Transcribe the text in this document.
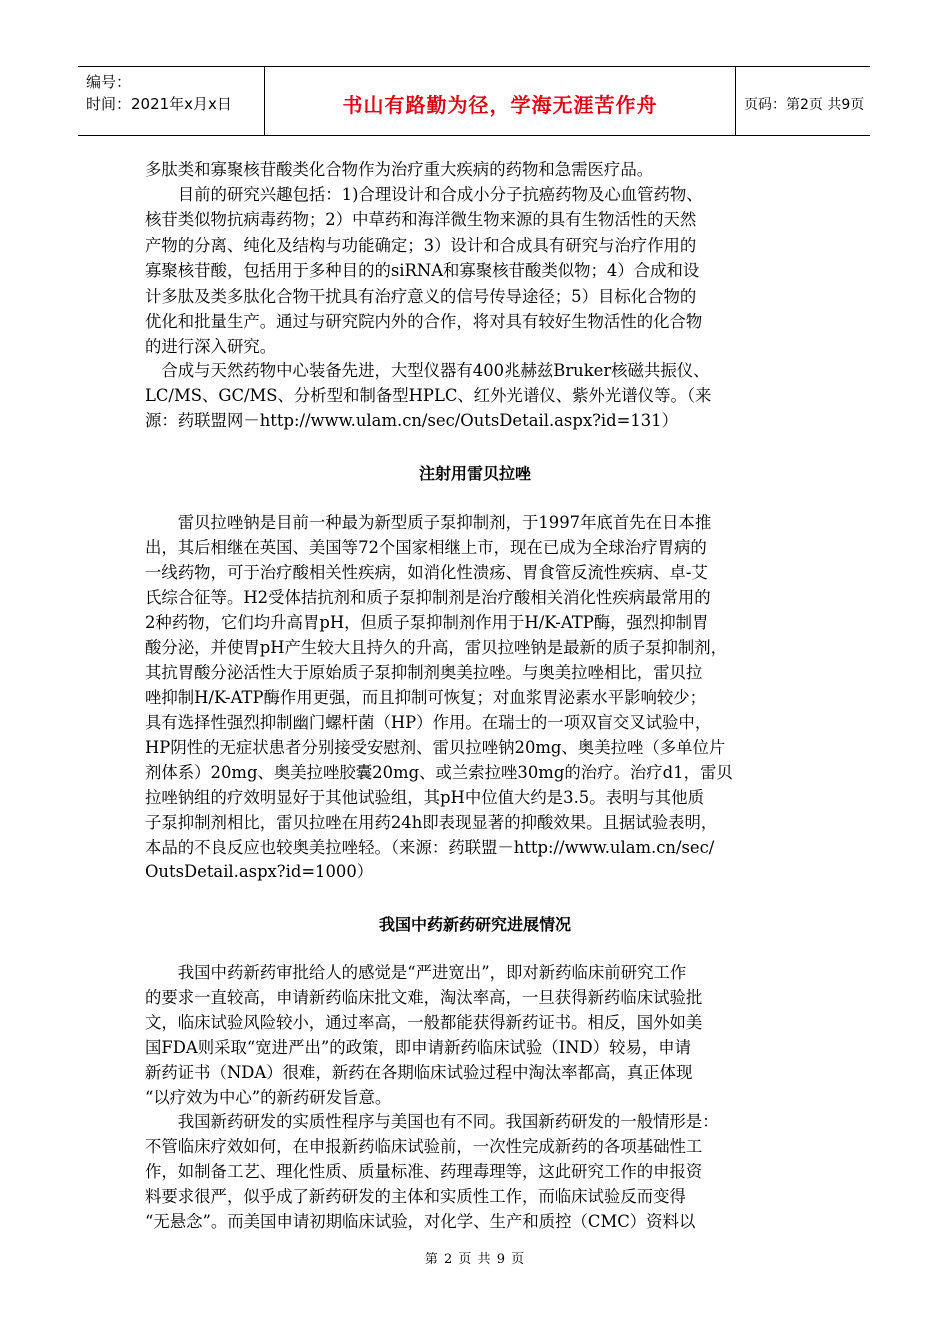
编号：
时间：2021年x月x日	书山有路勤为径，学海无涯苦作舟	页码：第2页 共9页
多肽类和寡聚核苷酸类化合物作为治疗重大疾病的药物和急需医疗品。
　　目前的研究兴趣包括：1)合理设计和合成小分子抗癌药物及心血管药物、
核苷类似物抗病毒药物；2）中草药和海洋微生物来源的具有生物活性的天然
产物的分离、纯化及结构与功能确定；3）设计和合成具有研究与治疗作用的
寡聚核苷酸，包括用于多种目的的siRNA和寡聚核苷酸类似物；4）合成和设
计多肽及类多肽化合物干扰具有治疗意义的信号传导途径；5）目标化合物的
优化和批量生产。通过与研究院内外的合作，将对具有较好生物活性的化合物
的进行深入研究。
　合成与天然药物中心装备先进，大型仪器有400兆赫兹Bruker核磁共振仪、
LC/MS、GC/MS、分析型和制备型HPLC、红外光谱仪、紫外光谱仪等。（来
源：药联盟网－http://www.ulam.cn/sec/OutsDetail.aspx?id=131）
注射用雷贝拉唑
　　雷贝拉唑钠是目前一种最为新型质子泵抑制剂，于1997年底首先在日本推
出，其后相继在英国、美国等72个国家相继上市，现在已成为全球治疗胃病的
一线药物，可于治疗酸相关性疾病，如消化性溃疡、胃食管反流性疾病、卓-艾
氏综合征等。H2受体拮抗剂和质子泵抑制剂是治疗酸相关消化性疾病最常用的
2种药物，它们均升高胃pH，但质子泵抑制剂作用于H/K-ATP酶，强烈抑制胃
酸分泌，并使胃pH产生较大且持久的升高，雷贝拉唑钠是最新的质子泵抑制剂，
其抗胃酸分泌活性大于原始质子泵抑制剂奥美拉唑。与奥美拉唑相比，雷贝拉
唑抑制H/K-ATP酶作用更强，而且抑制可恢复；对血浆胃泌素水平影响较少；
具有选择性强烈抑制幽门螺杆菌（HP）作用。在瑞士的一项双盲交叉试验中，
HP阴性的无症状患者分别接受安慰剂、雷贝拉唑钠20mg、奥美拉唑（多单位片
剂体系）20mg、奥美拉唑胶囊20mg、或兰索拉唑30mg的治疗。治疗d1，雷贝
拉唑钠组的疗效明显好于其他试验组，其pH中位值大约是3.5。表明与其他质
子泵抑制剂相比，雷贝拉唑在用药24h即表现显著的抑酸效果。且据试验表明，
本品的不良反应也较奥美拉唑轻。（来源：药联盟－http://www.ulam.cn/sec/
OutsDetail.aspx?id=1000）
我国中药新药研究进展情况
　　我国中药新药审批给人的感觉是“严进宽出”，即对新药临床前研究工作
的要求一直较高，申请新药临床批文难，淘汰率高，一旦获得新药临床试验批
文，临床试验风险较小，通过率高，一般都能获得新药证书。相反，国外如美
国FDA则采取“宽进严出”的政策，即申请新药临床试验（IND）较易，申请
新药证书（NDA）很难，新药在各期临床试验过程中淘汰率都高，真正体现
“以疗效为中心”的新药研发旨意。
　　我国新药研发的实质性程序与美国也有不同。我国新药研发的一般情形是：
不管临床疗效如何，在申报新药临床试验前，一次性完成新药的各项基础性工
作，如制备工艺、理化性质、质量标准、药理毒理等，这此研究工作的申报资
料要求很严，似乎成了新药研发的主体和实质性工作，而临床试验反而变得
“无悬念”。而美国申请初期临床试验，对化学、生产和质控（CMC）资料以
第 2 页 共 9 页
